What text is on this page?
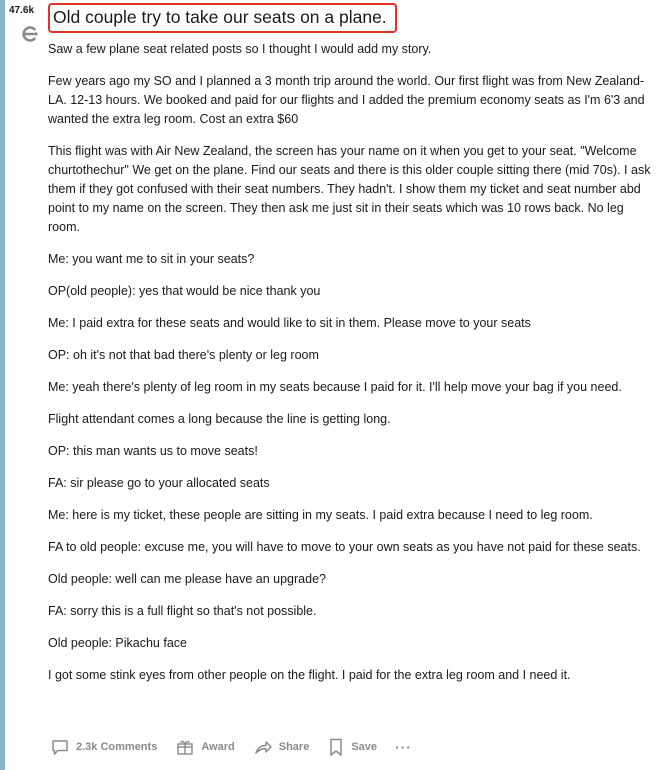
47.6k Old couple try to take our seats on a plane.

Saw a few plane seat related posts so I thought I would add my story.

Few years ago my SO and I planned a 3 month trip around the world. Our first flight was from New Zealand-LA. 12-13 hours. We booked and paid for our flights and I added the premium economy seats as I'm 6'3 and wanted the extra leg room. Cost an extra $60

This flight was with Air New Zealand, the screen has your name on it when you get to your seat. "Welcome churtothechur" We get on the plane. Find our seats and there is this older couple sitting there (mid 70s). I ask them if they got confused with their seat numbers. They hadn't. I show them my ticket and seat number abd point to my name on the screen. They then ask me just sit in their seats which was 10 rows back. No leg room.

Me: you want me to sit in your seats?

OP(old people): yes that would be nice thank you

Me: I paid extra for these seats and would like to sit in them. Please move to your seats

OP: oh it's not that bad there's plenty or leg room

Me: yeah there's plenty of leg room in my seats because I paid for it. I'll help move your bag if you need.

Flight attendant comes a long because the line is getting long.

OP: this man wants us to move seats!

FA: sir please go to your allocated seats

Me: here is my ticket, these people are sitting in my seats. I paid extra because I need to leg room.

FA to old people: excuse me, you will have to move to your own seats as you have not paid for these seats.

Old people: well can me please have an upgrade?

FA: sorry this is a full flight so that's not possible.

Old people: Pikachu face

I got some stink eyes from other people on the flight. I paid for the extra leg room and I need it.

2.3k Comments	Award	Share	Save ···
